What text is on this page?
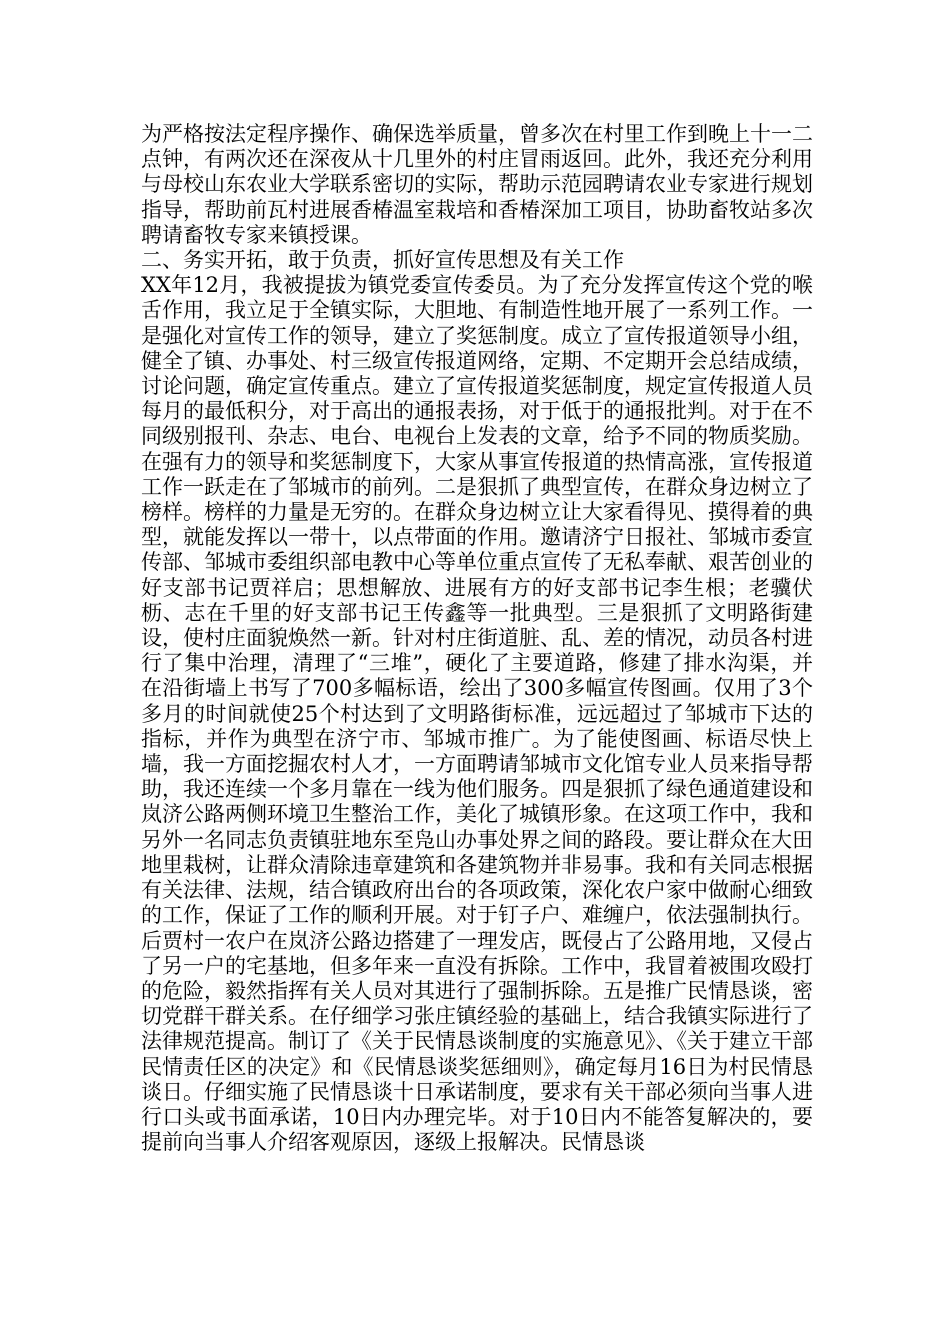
为严格按法定程序操作、确保选举质量，曾多次在村里工作到晚上十一二点钟，有两次还在深夜从十几里外的村庄冒雨返回。此外，我还充分利用与母校山东农业大学联系密切的实际，帮助示范园聘请农业专家进行规划指导，帮助前瓦村进展香椿温室栽培和香椿深加工项目，协助畜牧站多次聘请畜牧专家来镇授课。

二、务实开拓，敢于负责，抓好宣传思想及有关工作

XX年12月，我被提拔为镇党委宣传委员。为了充分发挥宣传这个党的喉舌作用，我立足于全镇实际，大胆地、有制造性地开展了一系列工作。一是强化对宣传工作的领导，建立了奖惩制度。成立了宣传报道领导小组，健全了镇、办事处、村三级宣传报道网络，定期、不定期开会总结成绩，讨论问题，确定宣传重点。建立了宣传报道奖惩制度，规定宣传报道人员每月的最低积分，对于高出的通报表扬，对于低于的通报批判。对于在不同级别报刊、杂志、电台、电视台上发表的文章，给予不同的物质奖励。在强有力的领导和奖惩制度下，大家从事宣传报道的热情高涨，宣传报道工作一跃走在了邹城市的前列。二是狠抓了典型宣传，在群众身边树立了榜样。榜样的力量是无穷的。在群众身边树立让大家看得见、摸得着的典型，就能发挥以一带十，以点带面的作用。邀请济宁日报社、邹城市委宣传部、邹城市委组织部电教中心等单位重点宣传了无私奉献、艰苦创业的好支部书记贾祥启；思想解放、进展有方的好支部书记李生根；老骥伏枥、志在千里的好支部书记王传鑫等一批典型。三是狠抓了文明路街建设，使村庄面貌焕然一新。针对村庄街道脏、乱、差的情况，动员各村进行了集中治理，清理了“三堆”，硬化了主要道路，修建了排水沟渠，并在沿街墙上书写了700多幅标语，绘出了300多幅宣传图画。仅用了3个多月的时间就使25个村达到了文明路街标准，远远超过了邹城市下达的指标，并作为典型在济宁市、邹城市推广。为了能使图画、标语尽快上墙，我一方面挖掘农村人才，一方面聘请邹城市文化馆专业人员来指导帮助，我还连续一个多月靠在一线为他们服务。四是狠抓了绿色通道建设和岚济公路两侧环境卫生整治工作，美化了城镇形象。在这项工作中，我和另外一名同志负责镇驻地东至凫山办事处界之间的路段。要让群众在大田地里栽树，让群众清除违章建筑和各建筑物并非易事。我和有关同志根据有关法律、法规，结合镇政府出台的各项政策，深化农户家中做耐心细致的工作，保证了工作的顺利开展。对于钉子户、难缠户，依法强制执行。后贾村一农户在岚济公路边搭建了一理发店，既侵占了公路用地，又侵占了另一户的宅基地，但多年来一直没有拆除。工作中，我冒着被围攻殴打的危险，毅然指挥有关人员对其进行了强制拆除。五是推广民情恳谈，密切党群干群关系。在仔细学习张庄镇经验的基础上，结合我镇实际进行了法律规范提高。制订了《关于民情恳谈制度的实施意见》、《关于建立干部民情责任区的决定》和《民情恳谈奖惩细则》，确定每月16日为村民情恳谈日。仔细实施了民情恳谈十日承诺制度，要求有关干部必须向当事人进行口头或书面承诺，10日内办理完毕。对于10日内不能答复解决的，要提前向当事人介绍客观原因，逐级上报解决。民情恳谈
